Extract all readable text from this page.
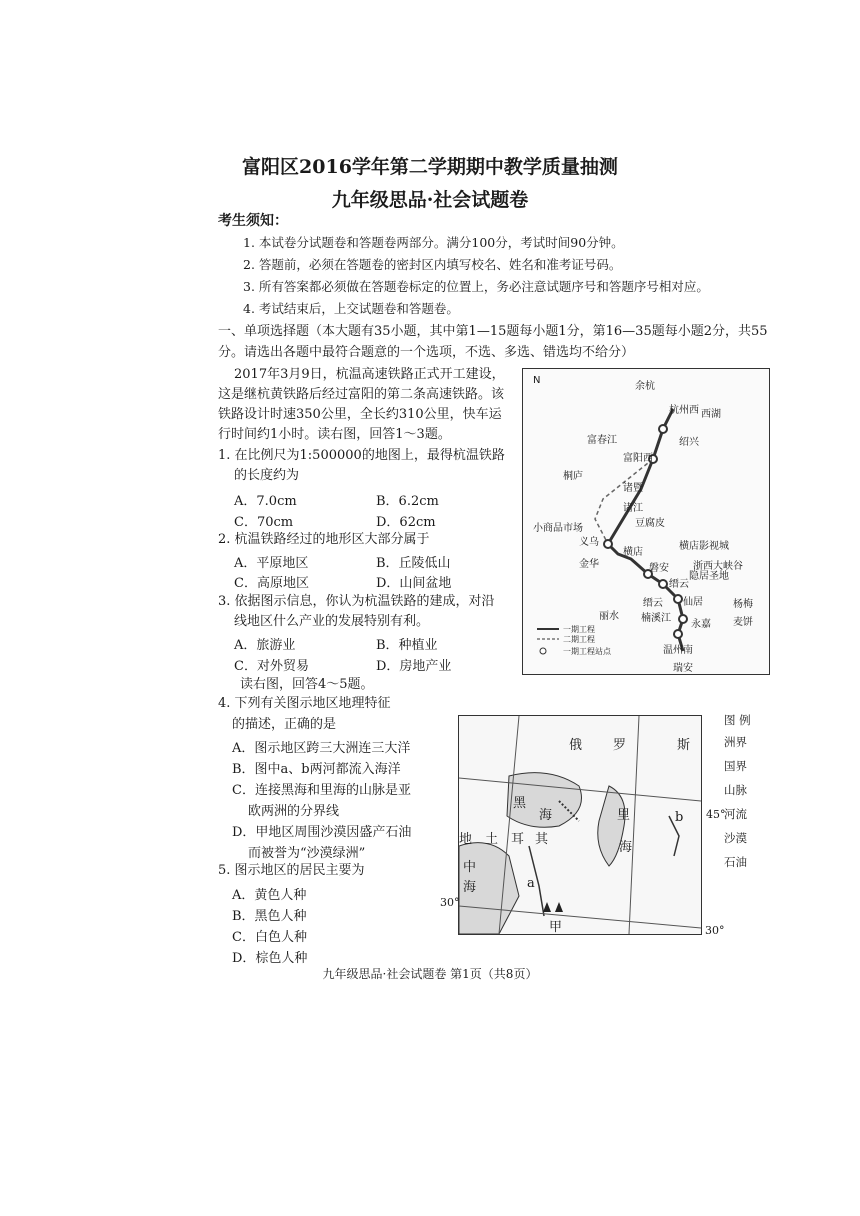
富阳区2016学年第二学期期中教学质量抽测
九年级思品·社会试题卷
考生须知：
1. 本试卷分试题卷和答题卷两部分。满分100分，考试时间90分钟。
2. 答题前，必须在答题卷的密封区内填写校名、姓名和准考证号码。
3. 所有答案都必须做在答题卷标定的位置上，务必注意试题序号和答题序号相对应。
4. 考试结束后，上交试题卷和答题卷。
一、单项选择题（本大题有35小题，其中第1—15题每小题1分，第16—35题每小题2分，共55分。请选出各题中最符合题意的一个选项，不选、多选、错选均不给分）
2017年3月9日，杭温高速铁路正式开工建设，
这是继杭黄铁路后经过富阳的第二条高速铁路。该
铁路设计时速350公里，全长约310公里，快车运
行时间约1小时。读右图，回答1～3题。
1. 在比例尺为1:500000的地图上，最得杭温铁路
的长度约为
A．7.0cm	B．6.2cm
C．70cm	D．62cm
2. 杭温铁路经过的地形区大部分属于
A．平原地区	B．丘陵低山
C．高原地区	D．山间盆地
3. 依据图示信息，你认为杭温铁路的建成，对沿
线地区什么产业的发展特别有利。
A．旅游业	B．种植业
C．对外贸易	D．房地产业
读右图，回答4～5题。
4. 下列有关图示地区地理特征
的描述，正确的是
A．图示地区跨三大洲连三大洋
B．图中a、b两河都流入海洋
C．连接黑海和里海的山脉是亚
欧两洲的分界线
D．甲地区周围沙漠因盛产石油
而被誉为“沙漠绿洲”
5. 图示地区的居民主要为
A．黄色人种
B．黑色人种
C．白色人种
D．棕色人种
N
余杭
杭州西 西湖
富春江
富阳西
绍兴
桐庐
诸暨
诸江
豆腐皮
小商品市场
义乌
横店
横店影视城
金华	磐安 浙西大峡谷
缙云
仙居
隐居圣地
缙云
丽水 楠溪江
永嘉
温州南
瑞安
杨梅
麦饼
一期工程
二期工程
一期工程站点
俄 罗	斯
黑
海	里
海
地 土 耳 其
中
海	a
b
甲
45°
30°
30°
图 例
洲界
国界
山脉
河流
沙漠
石油
九年级思品·社会试题卷 第1页（共8页）
